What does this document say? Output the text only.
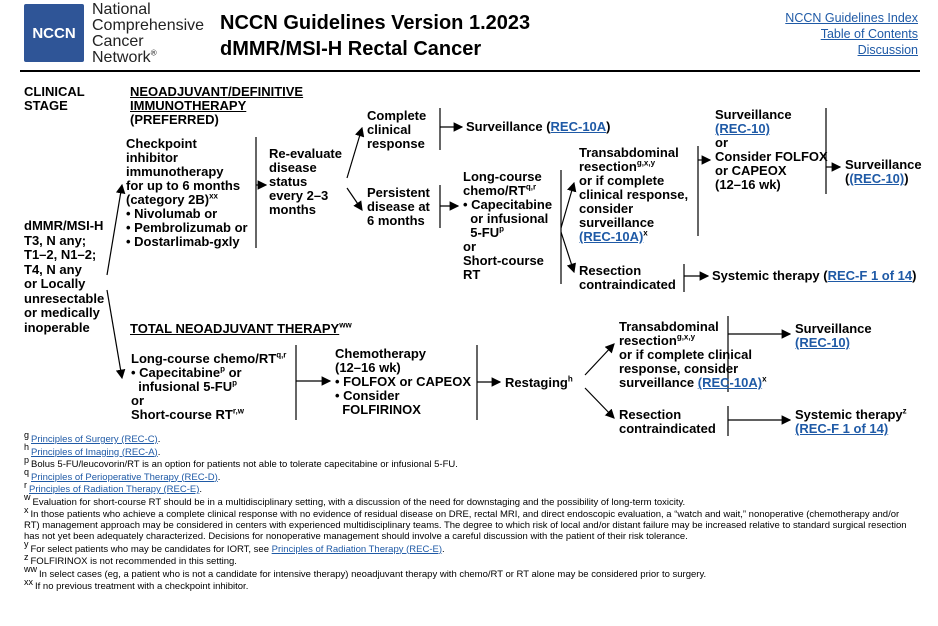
NCCN
National
Comprehensive
Cancer
Network®
NCCN Guidelines Version 1.2023
dMMR/MSI-H Rectal Cancer
NCCN Guidelines Index
Table of Contents
Discussion
CLINICAL
STAGE
NEOADJUVANT/DEFINITIVE
IMMUNOTHERAPY
(PREFERRED)
dMMR/MSI-H
T3, N any;
T1–2, N1–2;
T4, N any
or Locally
unresectable
or medically
inoperable
Checkpoint
inhibitor
immunotherapy
for up to 6 months
(category 2B)$^{xx}$
• Nivolumab or
• Pembrolizumab or
• Dostarlimab-gxly
Re-evaluate
disease
status
every 2–3
months
Complete
clinical
response
Surveillance (REC-10A)
Persistent
disease at
6 months
Long-course
chemo/RT$^{q,r}$
• Capecitabine
or infusional
$5-FU^p$
or
Short-course
RT
Transabdominal
resection$^{g,x,y}$
or if complete
clinical response,
consider
surveillance
$(REC-10A)^x$
Surveillance
(REC-10)
or
Consider FOLFOX
or CAPEOX
(12–16 wk)
Surveillance
((REC-10))
Resection
contraindicated
Systemic therapy (REC-F 1 of 14)
TOTAL NEOADJUVANT $THERAPY^{ww}$
Long-course chemo/RT$^{q,r}$
• Capecitabine$^p$ or
infusional $5-FU^p$
or
Short-course RT$^{r,w}$
Chemotherapy
(12–16 wk)
• FOLFOX or CAPEOX
• Consider
FOLFIRINOX
Restaging$^h$
Transabdominal
resection$^{g,x,y}$
or if complete clinical
response, consider
surveillance $(REC-10A)^x$
Surveillance
(REC-10)
Resection
contraindicated
Systemic therapy$^z$
(REC-F 1 of 14)
g Principles of Surgery (REC-C).
h Principles of Imaging (REC-A).
p Bolus 5-FU/leucovorin/RT is an option for patients not able to tolerate capecitabine or infusional 5-FU.
q Principles of Perioperative Therapy (REC-D).
r Principles of Radiation Therapy (REC-E).
w Evaluation for short-course RT should be in a multidisciplinary setting, with a discussion of the need for downstaging and the possibility of long-term toxicity.
x In those patients who achieve a complete clinical response with no evidence of residual disease on DRE, rectal MRI, and direct endoscopic evaluation, a “watch and wait,” nonoperative (chemotherapy and/or RT) management approach may be considered in centers with experienced multidisciplinary teams. The degree to which risk of local and/or distant failure may be increased relative to standard surgical resection has not yet been adequately characterized. Decisions for nonoperative management should involve a careful discussion with the patient of their risk tolerance.
y For select patients who may be candidates for IORT, see Principles of Radiation Therapy (REC-E).
z FOLFIRINOX is not recommended in this setting.
ww In select cases (eg, a patient who is not a candidate for intensive therapy) neoadjuvant therapy with chemo/RT or RT alone may be considered prior to surgery.
xx If no previous treatment with a checkpoint inhibitor.
